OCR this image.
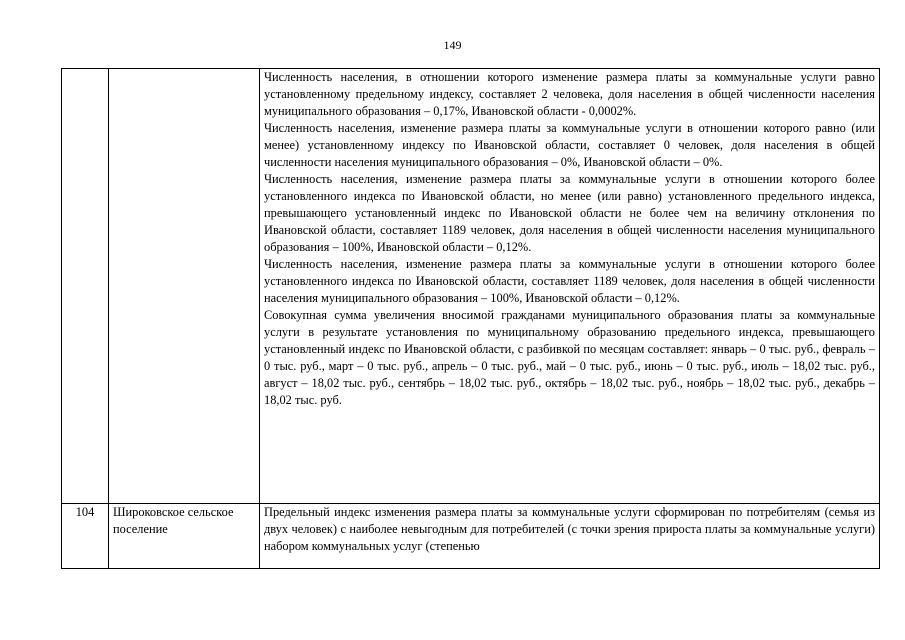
149

		Численность населения, в отношении которого изменение размера платы за коммунальные услуги равно установленному предельному индексу, составляет 2 человека, доля населения в общей численности населения муниципального образования – 0,17%, Ивановской области - 0,0002%.

Численность населения, изменение размера платы за коммунальные услуги в отношении которого равно (или менее) установленному индексу по Ивановской области, составляет 0 человек, доля населения в общей численности населения муниципального образования – 0%, Ивановской области – 0%.

Численность населения, изменение размера платы за коммунальные услуги в отношении которого более установленного индекса по Ивановской области, но менее (или равно) установленного предельного индекса, превышающего установленный индекс по Ивановской области не более чем на величину отклонения по Ивановской области, составляет 1189 человек, доля населения в общей численности населения муниципального образования – 100%, Ивановской области – 0,12%.

Численность населения, изменение размера платы за коммунальные услуги в отношении которого более установленного индекса по Ивановской области, составляет 1189 человек, доля населения в общей численности населения муниципального образования – 100%, Ивановской области – 0,12%.

Совокупная сумма увеличения вносимой гражданами муниципального образования платы за коммунальные услуги в результате установления по муниципальному образованию предельного индекса, превышающего установленный индекс по Ивановской области, с разбивкой по месяцам составляет: январь – 0 тыс. руб., февраль – 0 тыс. руб., март – 0 тыс. руб., апрель – 0 тыс. руб., май – 0 тыс. руб., июнь – 0 тыс. руб., июль – 18,02 тыс. руб., август – 18,02 тыс. руб., сентябрь – 18,02 тыс. руб., октябрь – 18,02 тыс. руб., ноябрь – 18,02 тыс. руб., декабрь – 18,02 тыс. руб.

104	Широковское сельское поселение	Предельный индекс изменения размера платы за коммунальные услуги сформирован по потребителям (семья из двух человек) с наиболее невыгодным для потребителей (с точки зрения прироста платы за коммунальные услуги) набором коммунальных услуг (степенью
